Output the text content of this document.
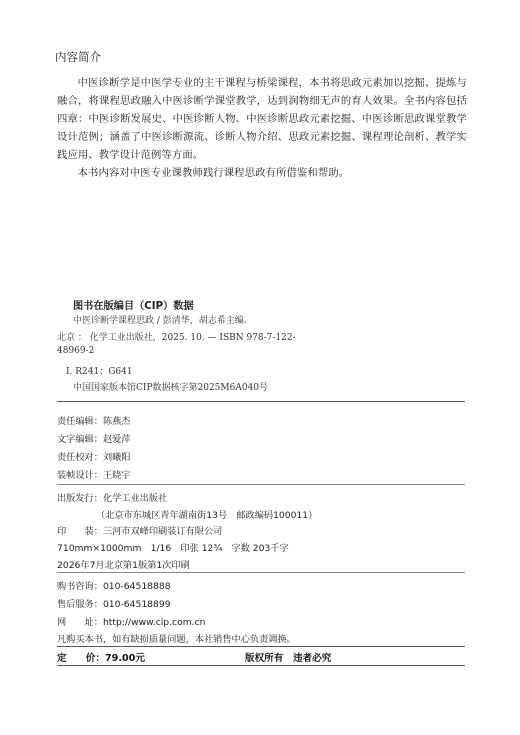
内容简介

中医诊断学是中医学专业的主干课程与桥梁课程，本书将思政元素加以挖掘、提炼与融合，将课程思政融入中医诊断学课堂教学，达到润物细无声的育人效果。全书内容包括四章：中医诊断发展史、中医诊断人物、中医诊断思政元素挖掘、中医诊断思政课堂教学设计范例；涵盖了中医诊断源流、诊断人物介绍、思政元素挖掘、课程理论剖析、教学实践应用、教学设计范例等方面。

本书内容对中医专业课教师践行课程思政有所借鉴和帮助。

图书在版编目（CIP）数据
中医诊断学课程思政 / 彭清华，胡志希主编.
北京 ： 化学工业出版社，2025. 10. — ISBN 978-7-122-
48969-2
Ⅰ. R241；G641
中国国家版本馆CIP数据核字第2025M6A040号
责任编辑：陈燕杰
文字编辑：赵爱萍
责任校对：刘曦阳
装帧设计：王晓宇
出版发行：化学工业出版社
（北京市东城区青年湖南街13号　邮政编码100011）
印　　装：三河市双峰印刷装订有限公司
710mm×1000mm　1/16　印张 12¾　字数 203千字
2026年7月北京第1版第1次印刷
购书咨询：010-64518888
售后服务：010-64518899
网　　址：http://www.cip.com.cn
凡购买本书，如有缺损质量问题，本社销售中心负责调换。
定　　价：79.00元	版权所有　违者必究
